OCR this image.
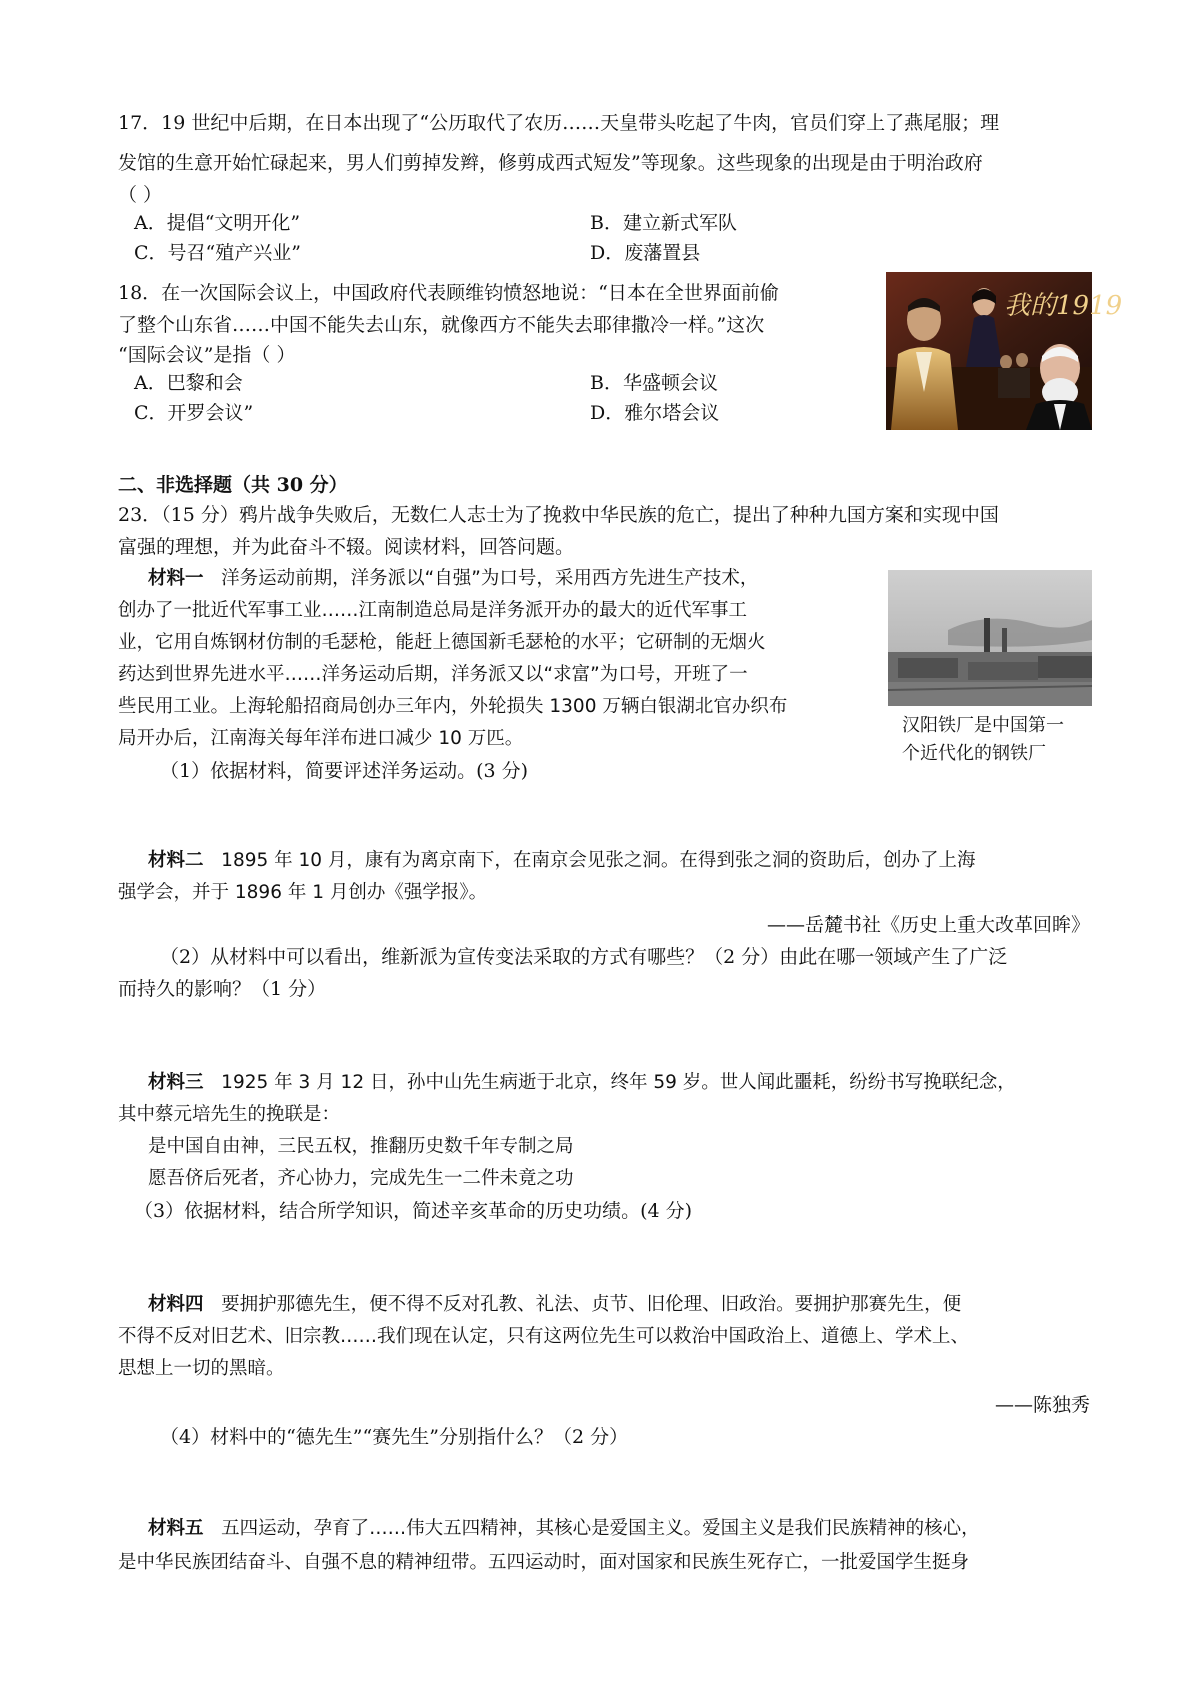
17．19 世纪中后期，在日本出现了“公历取代了农历……天皇带头吃起了牛肉，官员们穿上了燕尾服；理
发馆的生意开始忙碌起来，男人们剪掉发辫，修剪成西式短发”等现象。这些现象的出现是由于明治政府
（ ）
A．提倡“文明开化”	B．建立新式军队
C．号召“殖产兴业”	D．废藩置县
18．在一次国际会议上，中国政府代表顾维钧愤怒地说：“日本在全世界面前偷
了整个山东省……中国不能失去山东，就像西方不能失去耶律撒冷一样。”这次
“国际会议”是指（ ）
A．巴黎和会	B．华盛顿会议
C．开罗会议”	D．雅尔塔会议
我的1919
二、非选择题（共 30 分）
23．（15 分）鸦片战争失败后，无数仁人志士为了挽救中华民族的危亡，提出了种种九国方案和实现中国
富强的理想，并为此奋斗不辍。阅读材料，回答问题。
材料一 洋务运动前期，洋务派以“自强”为口号，采用西方先进生产技术，
创办了一批近代军事工业……江南制造总局是洋务派开办的最大的近代军事工
业，它用自炼钢材仿制的毛瑟枪，能赶上德国新毛瑟枪的水平；它研制的无烟火
药达到世界先进水平……洋务运动后期，洋务派又以“求富”为口号，开班了一
些民用工业。上海轮船招商局创办三年内，外轮损失 1300 万辆白银湖北官办织布
局开办后，江南海关每年洋布进口减少 10 万匹。
（1）依据材料，简要评述洋务运动。(3 分)
汉阳铁厂是中国第一
个近代化的钢铁厂
材料二 1895 年 10 月，康有为离京南下，在南京会见张之洞。在得到张之洞的资助后，创办了上海
强学会，并于 1896 年 1 月创办《强学报》。
——岳麓书社《历史上重大改革回眸》
（2）从材料中可以看出，维新派为宣传变法采取的方式有哪些？（2 分）由此在哪一领域产生了广泛
而持久的影响？（1 分）
材料三 1925 年 3 月 12 日，孙中山先生病逝于北京，终年 59 岁。世人闻此噩耗，纷纷书写挽联纪念，
其中蔡元培先生的挽联是：
是中国自由神，三民五权，推翻历史数千年专制之局
愿吾侪后死者，齐心协力，完成先生一二件未竟之功
（3）依据材料，结合所学知识，简述辛亥革命的历史功绩。(4 分)
材料四 要拥护那德先生，便不得不反对孔教、礼法、贞节、旧伦理、旧政治。要拥护那赛先生，便
不得不反对旧艺术、旧宗教……我们现在认定，只有这两位先生可以救治中国政治上、道德上、学术上、
思想上一切的黑暗。
——陈独秀
（4）材料中的“德先生”“赛先生”分别指什么？（2 分）
材料五 五四运动，孕育了……伟大五四精神，其核心是爱国主义。爱国主义是我们民族精神的核心，
是中华民族团结奋斗、自强不息的精神纽带。五四运动时，面对国家和民族生死存亡，一批爱国学生挺身
